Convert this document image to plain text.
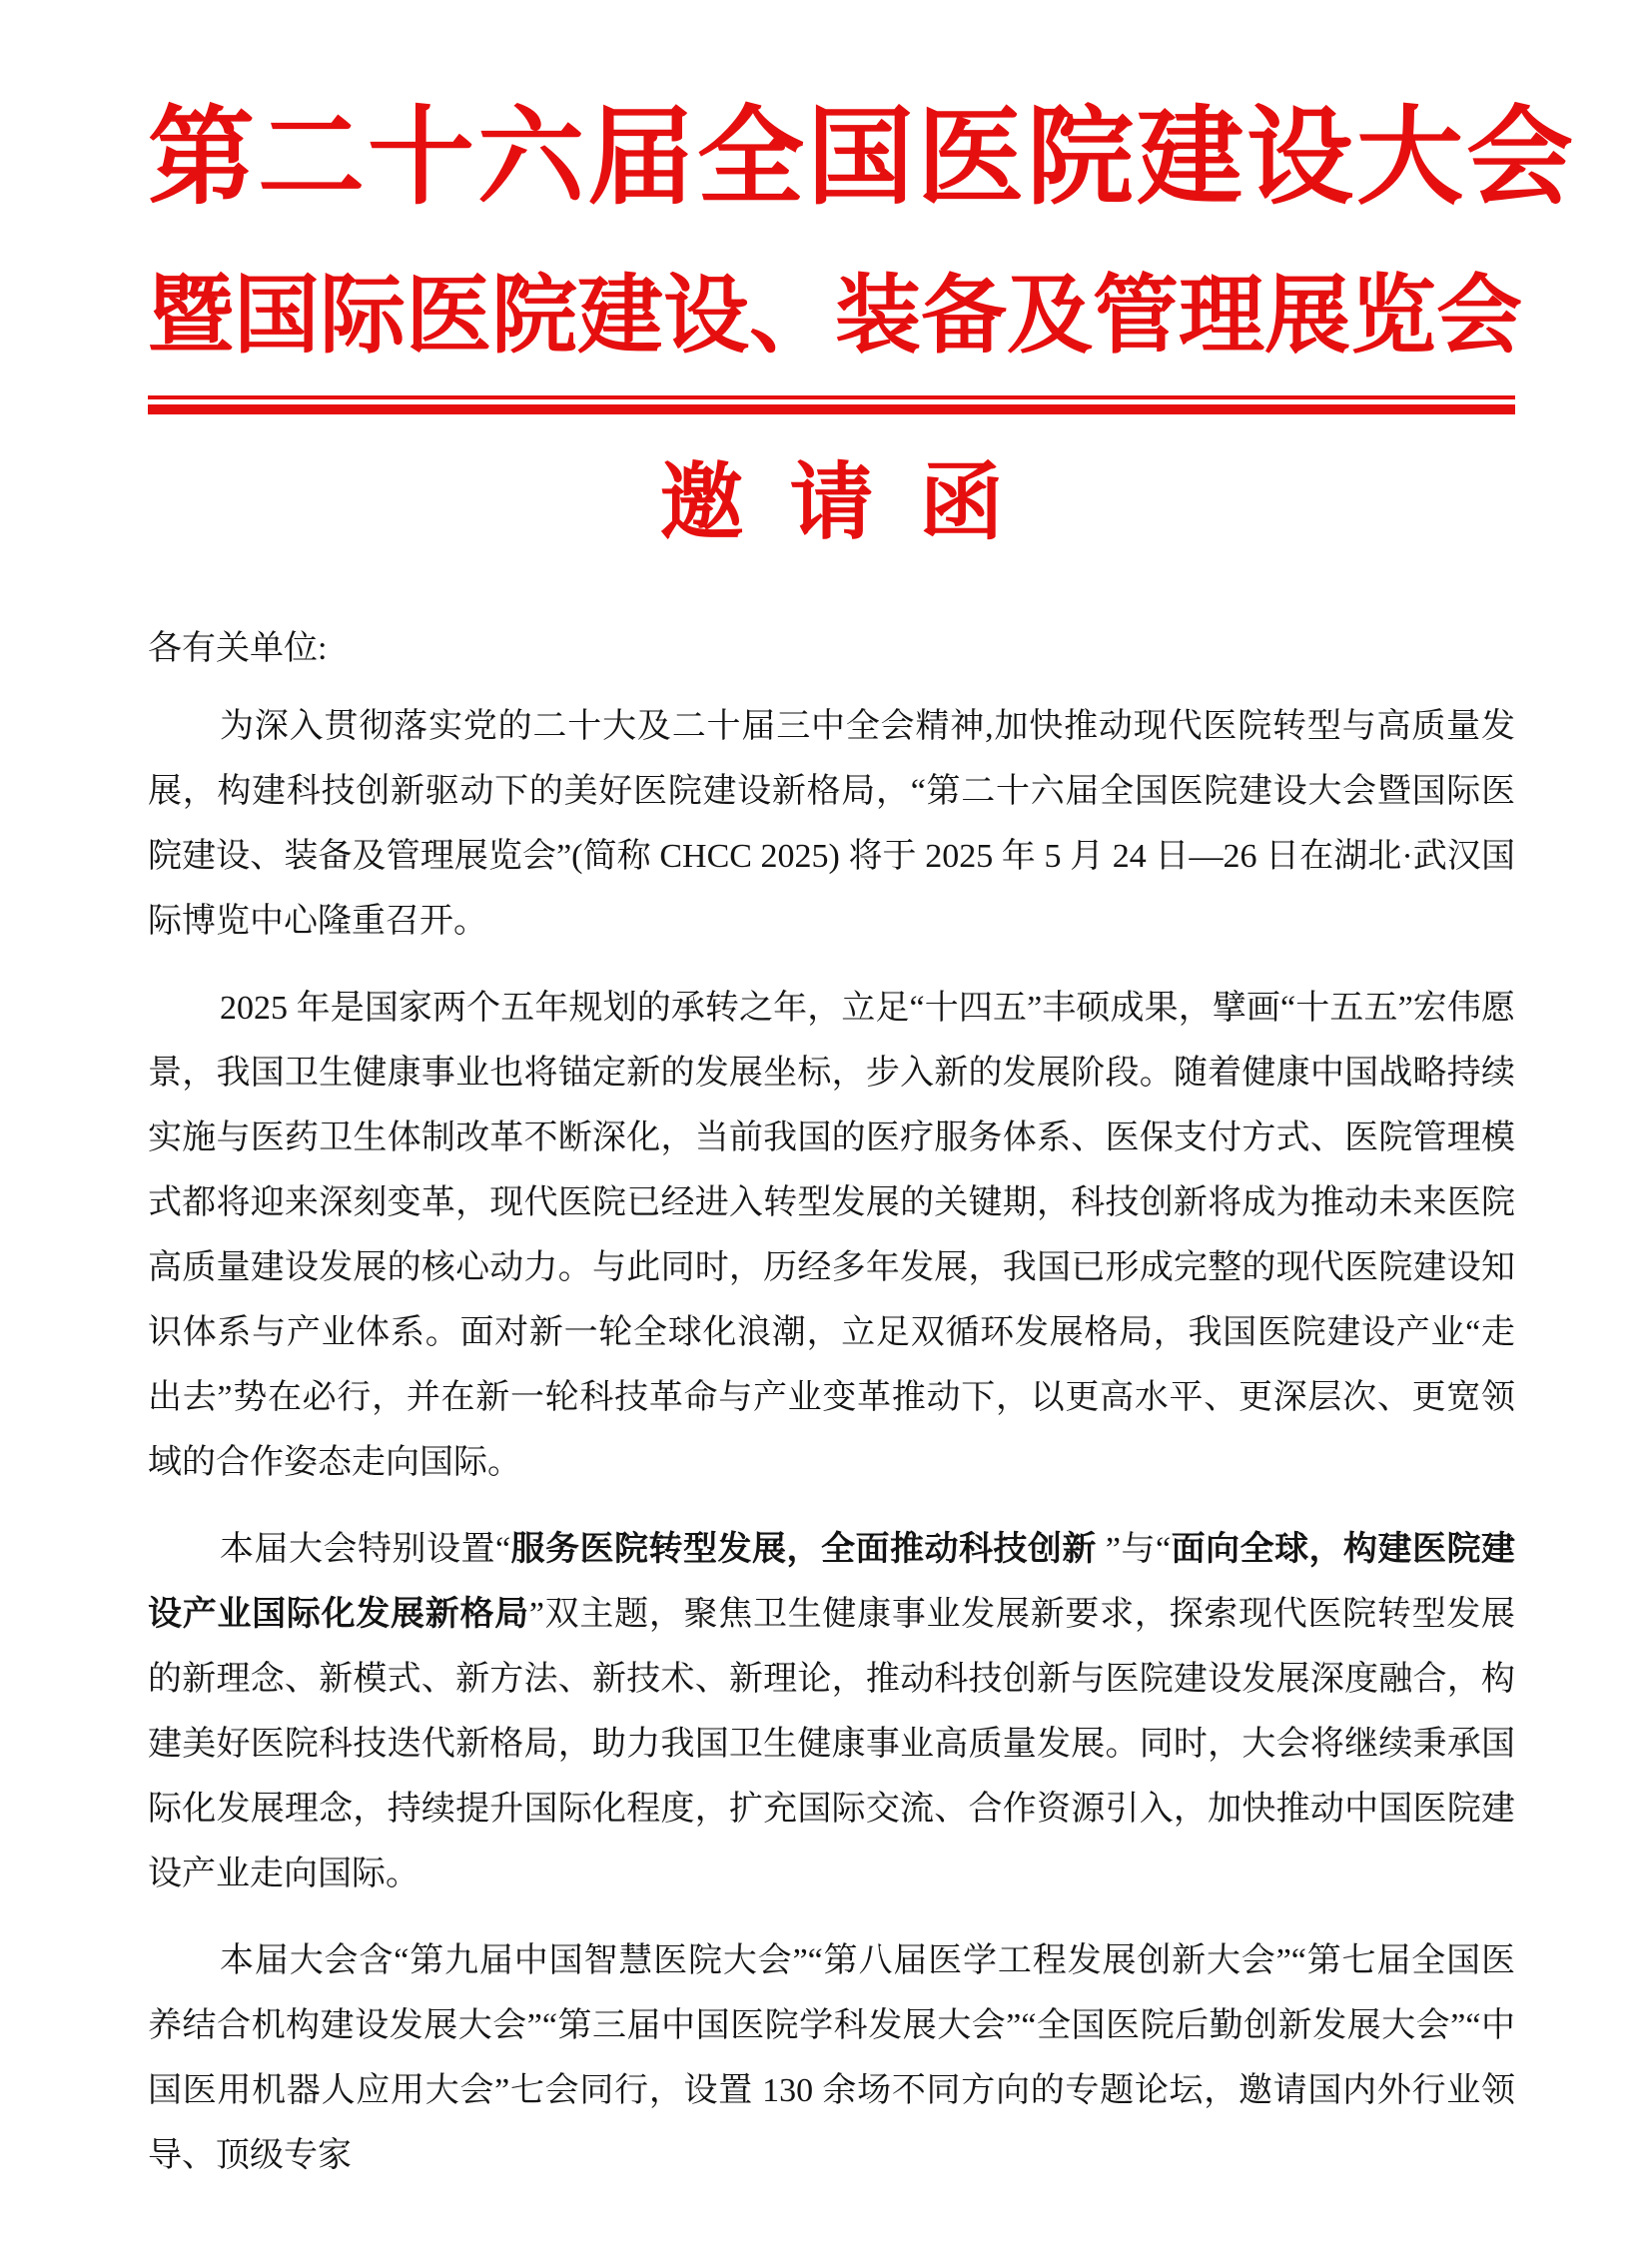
第二十六届全国医院建设大会
暨国际医院建设、装备及管理展览会
邀请函

各有关单位:

为深入贯彻落实党的二十大及二十届三中全会精神,加快推动现代医院转型与高质量发展，构建科技创新驱动下的美好医院建设新格局，“第二十六届全国医院建设大会暨国际医院建设、装备及管理展览会”(简称 CHCC 2025) 将于 2025 年 5 月 24 日—26 日在湖北·武汉国际博览中心隆重召开。

2025 年是国家两个五年规划的承转之年，立足“十四五”丰硕成果，擘画“十五五”宏伟愿景，我国卫生健康事业也将锚定新的发展坐标，步入新的发展阶段。随着健康中国战略持续实施与医药卫生体制改革不断深化，当前我国的医疗服务体系、医保支付方式、医院管理模式都将迎来深刻变革，现代医院已经进入转型发展的关键期，科技创新将成为推动未来医院高质量建设发展的核心动力。与此同时，历经多年发展，我国已形成完整的现代医院建设知识体系与产业体系。面对新一轮全球化浪潮，立足双循环发展格局，我国医院建设产业“走出去”势在必行，并在新一轮科技革命与产业变革推动下，以更高水平、更深层次、更宽领域的合作姿态走向国际。

本届大会特别设置“服务医院转型发展，全面推动科技创新 ”与“面向全球，构建医院建设产业国际化发展新格局”双主题，聚焦卫生健康事业发展新要求，探索现代医院转型发展的新理念、新模式、新方法、新技术、新理论，推动科技创新与医院建设发展深度融合，构建美好医院科技迭代新格局，助力我国卫生健康事业高质量发展。同时，大会将继续秉承国际化发展理念，持续提升国际化程度，扩充国际交流、合作资源引入，加快推动中国医院建设产业走向国际。

本届大会含“第九届中国智慧医院大会”“第八届医学工程发展创新大会”“第七届全国医养结合机构建设发展大会”“第三届中国医院学科发展大会”“全国医院后勤创新发展大会”“中国医用机器人应用大会”七会同行，设置 130 余场不同方向的专题论坛，邀请国内外行业领导、顶级专家
